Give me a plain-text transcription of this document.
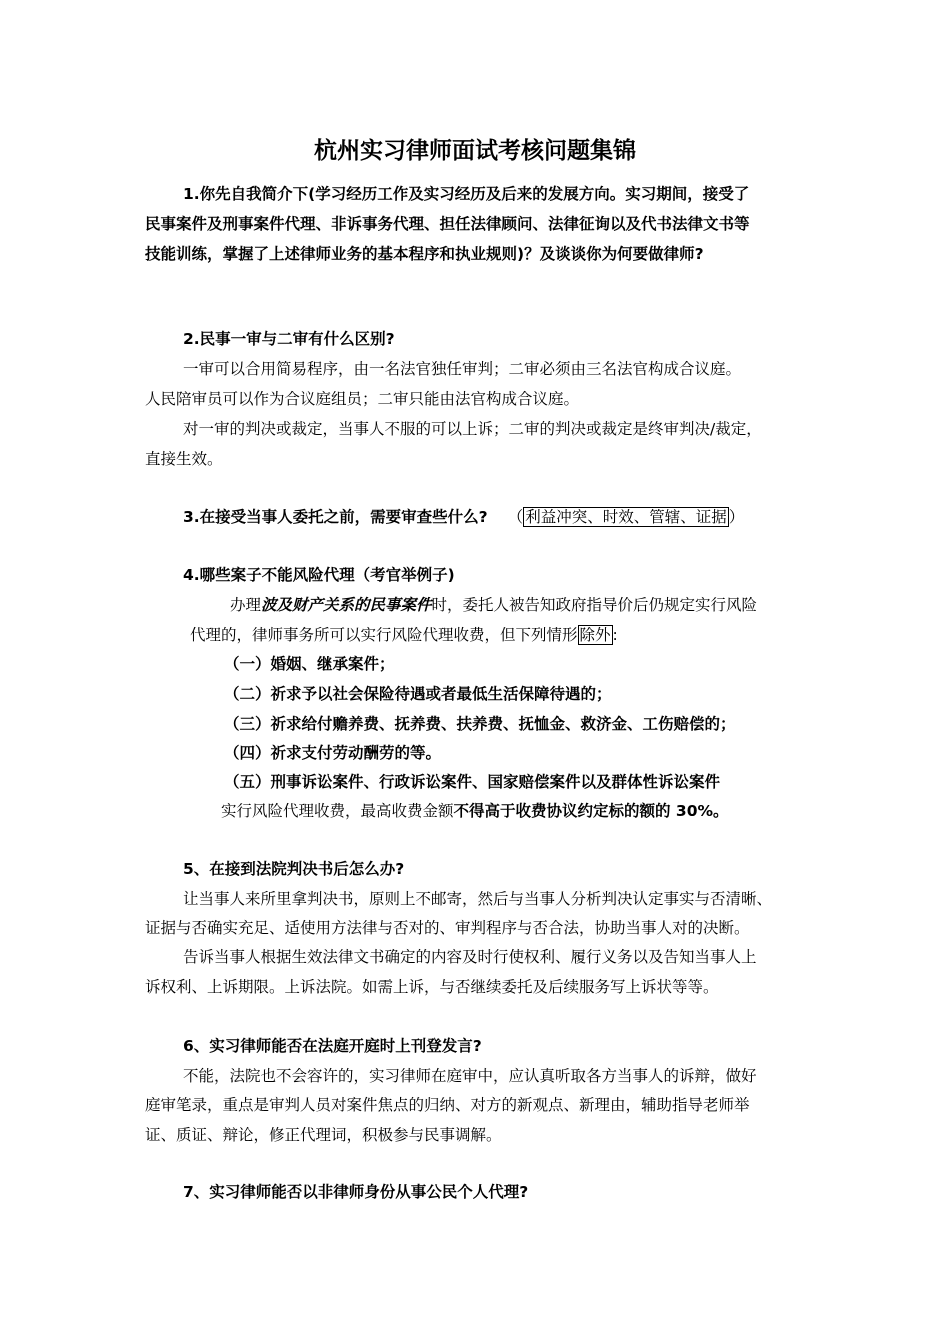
杭州实习律师面试考核问题集锦
1.你先自我简介下(学习经历工作及实习经历及后来的发展方向。实习期间，接受了
民事案件及刑事案件代理、非诉事务代理、担任法律顾问、法律征询以及代书法律文书等
技能训练，掌握了上述律师业务的基本程序和执业规则)？及谈谈你为何要做律师?
2.民事一审与二审有什么区别?
一审可以合用简易程序，由一名法官独任审判；二审必须由三名法官构成合议庭。
人民陪审员可以作为合议庭组员；二审只能由法官构成合议庭。
对一审的判决或裁定，当事人不服的可以上诉；二审的判决或裁定是终审判决/裁定，
直接生效。
3.在接受当事人委托之前，需要审查些什么? （ 利益冲突、时效、管辖、证据 ）
4.哪些案子不能风险代理（考官举例子)
办理波及财产关系的民事案件时，委托人被告知政府指导价后仍规定实行风险
代理的，律师事务所可以实行风险代理收费，但下列情形 除外 :
（一）婚姻、继承案件；
（二）祈求予以社会保险待遇或者最低生活保障待遇的；
（三）祈求给付赡养费、抚养费、扶养费、抚恤金、救济金、工伤赔偿的；
（四）祈求支付劳动酬劳的等。
（五）刑事诉讼案件、行政诉讼案件、国家赔偿案件以及群体性诉讼案件
实行风险代理收费，最高收费金额不得高于收费协议约定标的额的 30%。
5、在接到法院判决书后怎么办?
让当事人来所里拿判决书，原则上不邮寄，然后与当事人分析判决认定事实与否清晰、
证据与否确实充足、适使用方法律与否对的、审判程序与否合法，协助当事人对的决断。
告诉当事人根据生效法律文书确定的内容及时行使权利、履行义务以及告知当事人上
诉权利、上诉期限。上诉法院。如需上诉，与否继续委托及后续服务写上诉状等等。
6、实习律师能否在法庭开庭时上刊登发言?
不能，法院也不会容许的，实习律师在庭审中，应认真听取各方当事人的诉辩，做好
庭审笔录，重点是审判人员对案件焦点的归纳、对方的新观点、新理由，辅助指导老师举
证、质证、辩论，修正代理词，积极参与民事调解。
7、实习律师能否以非律师身份从事公民个人代理?
